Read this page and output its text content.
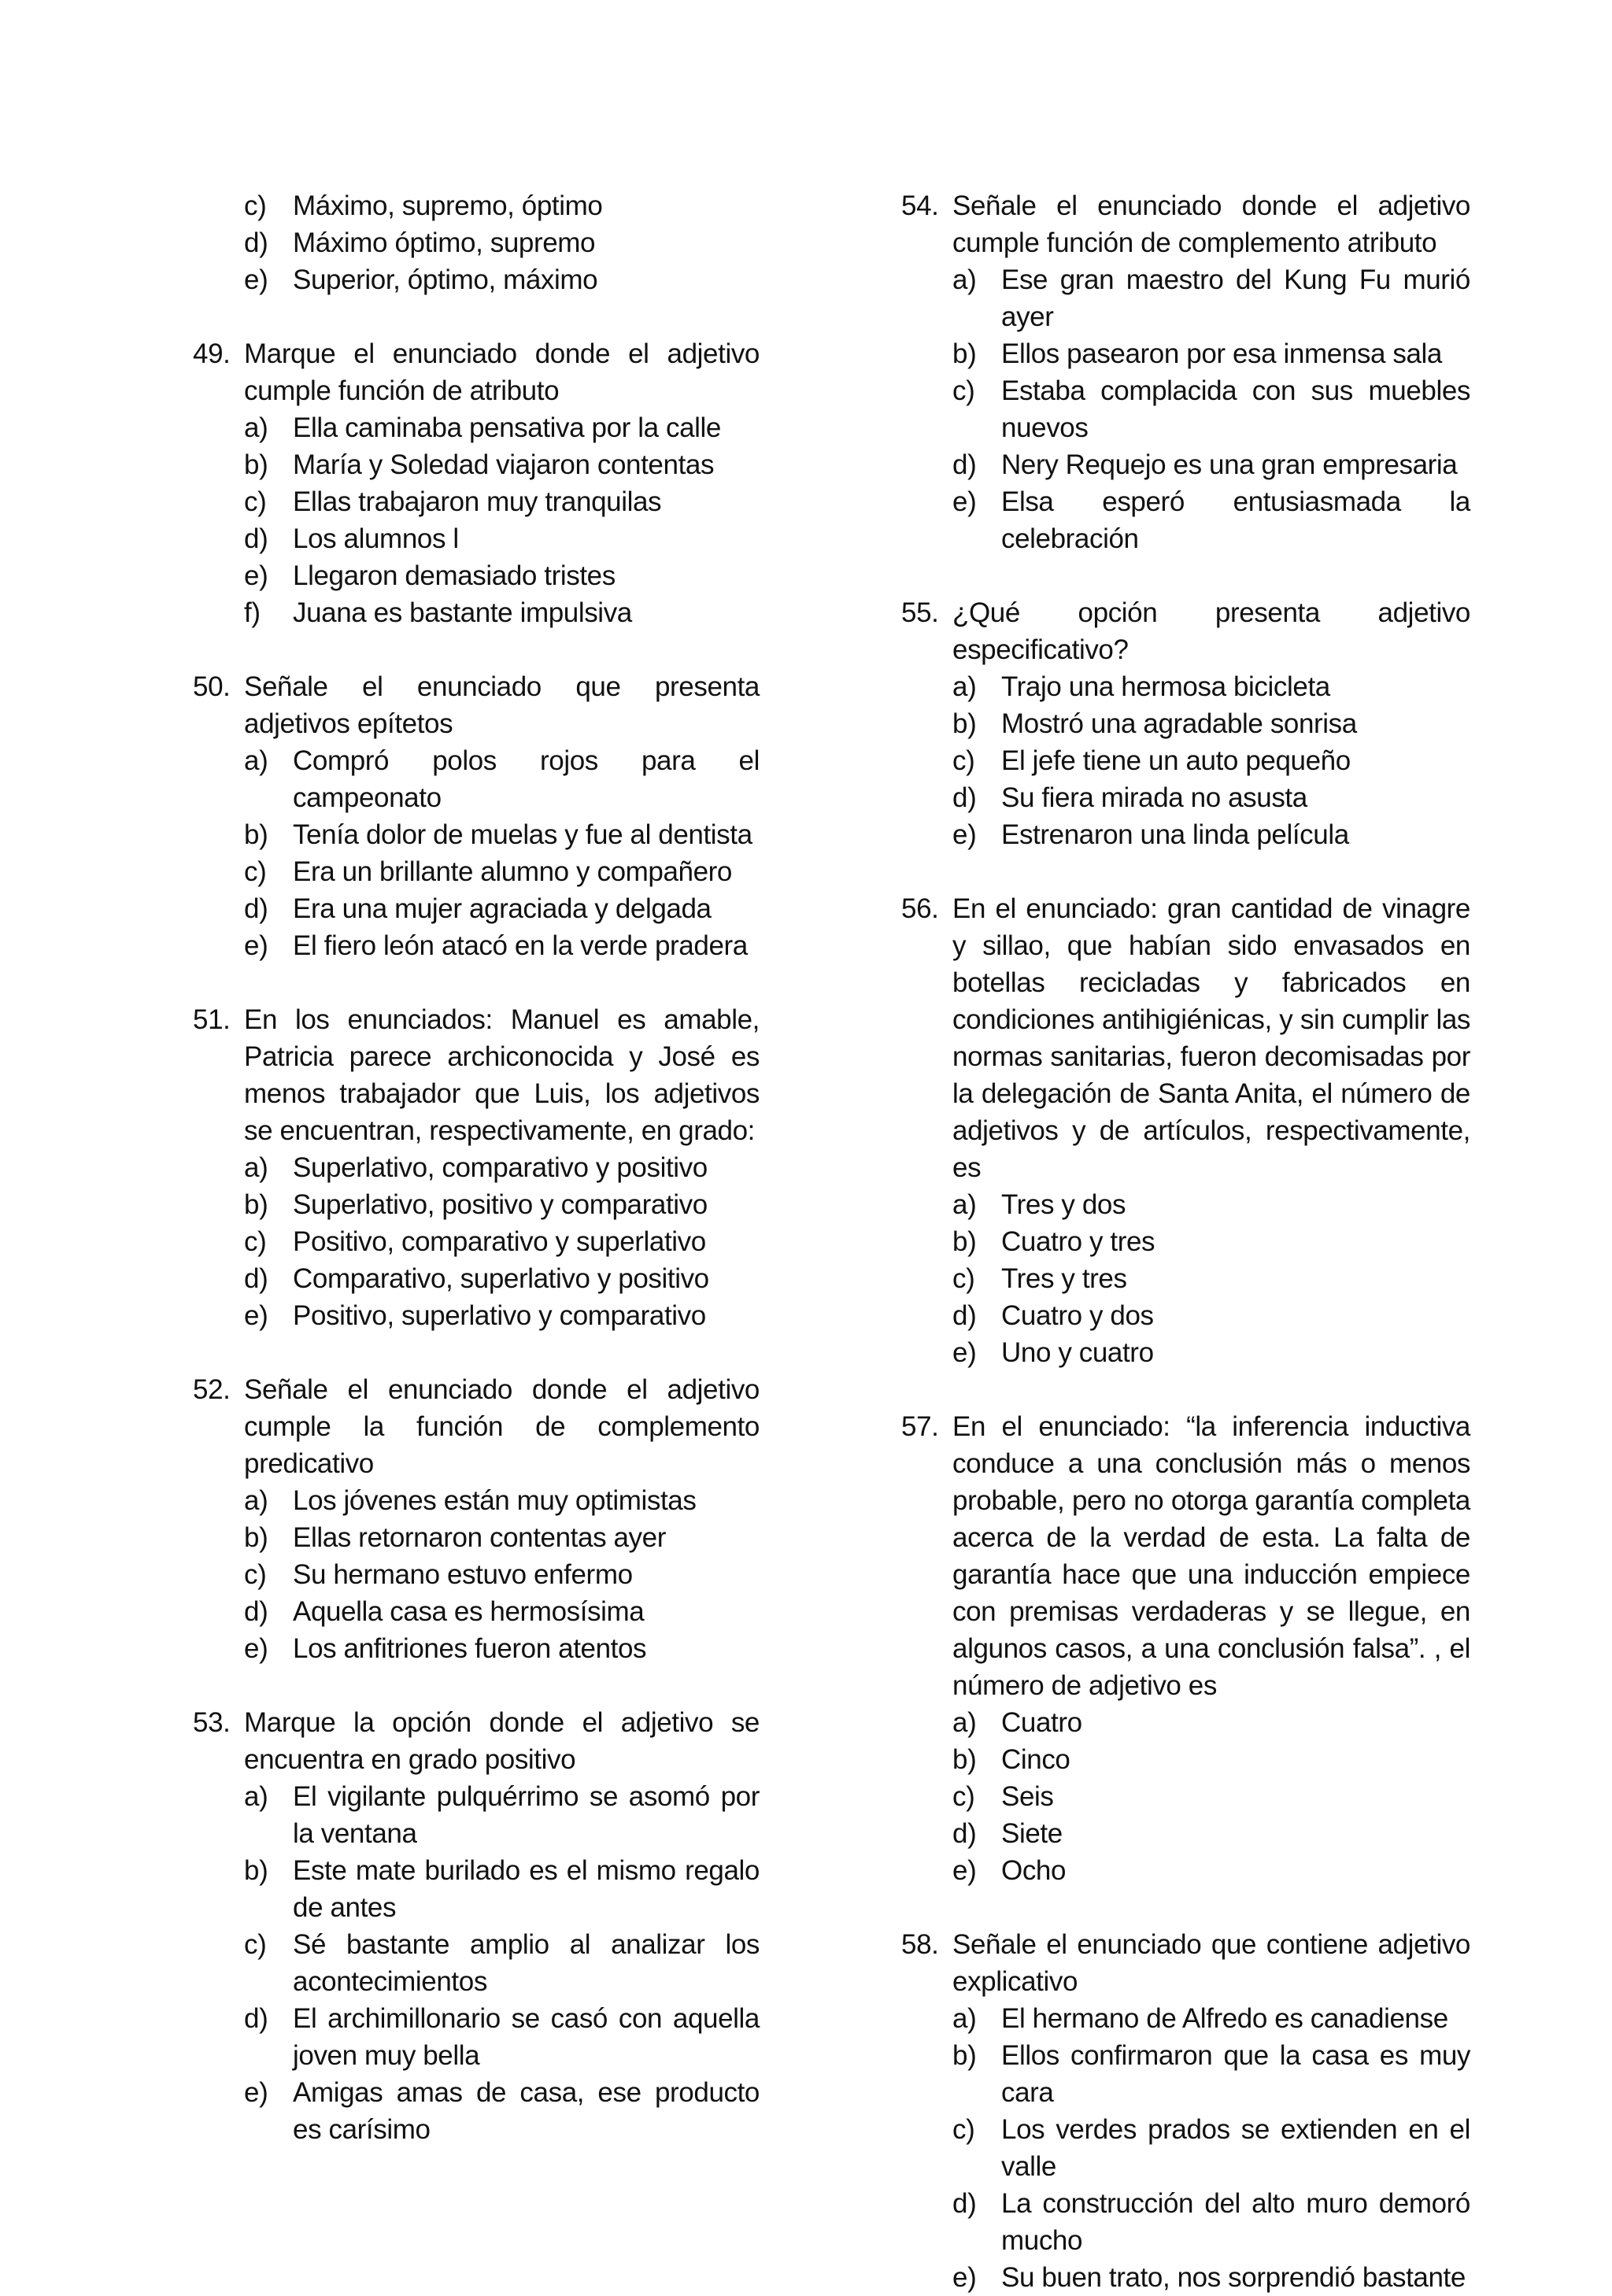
c) Máximo, supremo, óptimo
d) Máximo óptimo, supremo
e) Superior, óptimo, máximo
49. Marque el enunciado donde el adjetivo cumple función de atributo
a) Ella caminaba pensativa por la calle
b) María y Soledad viajaron contentas
c) Ellas trabajaron muy tranquilas
d) Los alumnos l
e) Llegaron demasiado tristes
f) Juana es bastante impulsiva
50. Señale el enunciado que presenta adjetivos epítetos
a) Compró polos rojos para el campeonato
b) Tenía dolor de muelas y fue al dentista
c) Era un brillante alumno y compañero
d) Era una mujer agraciada y delgada
e) El fiero león atacó en la verde pradera
51. En los enunciados: Manuel es amable, Patricia parece archiconocida y José es menos trabajador que Luis, los adjetivos se encuentran, respectivamente, en grado:
a) Superlativo, comparativo y positivo
b) Superlativo, positivo y comparativo
c) Positivo, comparativo y superlativo
d) Comparativo, superlativo y positivo
e) Positivo, superlativo y comparativo
52. Señale el enunciado donde el adjetivo cumple la función de complemento predicativo
a) Los jóvenes están muy optimistas
b) Ellas retornaron contentas ayer
c) Su hermano estuvo enfermo
d) Aquella casa es hermosísima
e) Los anfitriones fueron atentos
53. Marque la opción donde el adjetivo se encuentra en grado positivo
a) El vigilante pulquérrimo se asomó por la ventana
b) Este mate burilado es el mismo regalo de antes
c) Sé bastante amplio al analizar los acontecimientos
d) El archimillonario se casó con aquella joven muy bella
e) Amigas amas de casa, ese producto es carísimo
54. Señale el enunciado donde el adjetivo cumple función de complemento atributo
a) Ese gran maestro del Kung Fu murió ayer
b) Ellos pasearon por esa inmensa sala
c) Estaba complacida con sus muebles nuevos
d) Nery Requejo es una gran empresaria
e) Elsa esperó entusiasmada la celebración
55. ¿Qué opción presenta adjetivo especificativo?
a) Trajo una hermosa bicicleta
b) Mostró una agradable sonrisa
c) El jefe tiene un auto pequeño
d) Su fiera mirada no asusta
e) Estrenaron una linda película
56. En el enunciado: gran cantidad de vinagre y sillao, que habían sido envasados en botellas recicladas y fabricados en condiciones antihigiénicas, y sin cumplir las normas sanitarias, fueron decomisadas por la delegación de Santa Anita, el número de adjetivos y de artículos, respectivamente, es
a) Tres y dos
b) Cuatro y tres
c) Tres y tres
d) Cuatro y dos
e) Uno y cuatro
57. En el enunciado: “la inferencia inductiva conduce a una conclusión más o menos probable, pero no otorga garantía completa acerca de la verdad de esta. La falta de garantía hace que una inducción empiece con premisas verdaderas y se llegue, en algunos casos, a una conclusión falsa”. , el número de adjetivo es
a) Cuatro
b) Cinco
c) Seis
d) Siete
e) Ocho
58. Señale el enunciado que contiene adjetivo explicativo
a) El hermano de Alfredo es canadiense
b) Ellos confirmaron que la casa es muy cara
c) Los verdes prados se extienden en el valle
d) La construcción del alto muro demoró mucho
e) Su buen trato, nos sorprendió bastante
